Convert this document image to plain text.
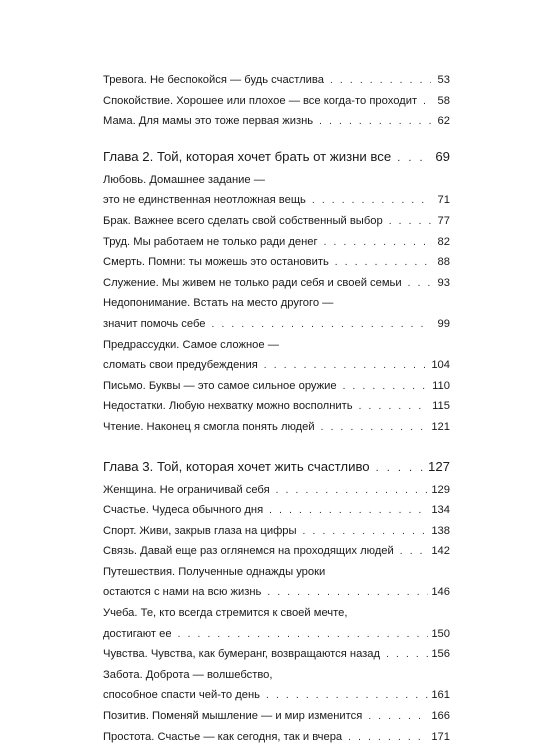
Тревога. Не беспокойся — будь счастлива . . .	53
Спокойствие. Хорошее или плохое — все когда-то проходит . . .	58
Мама. Для мамы это тоже первая жизнь . . .	62
Глава 2. Той, которая хочет брать от жизни все . . .	69
Любовь. Домашнее задание —
это не единственная неотложная вещь . . .	71
Брак. Важнее всего сделать свой собственный выбор . . .	77
Труд. Мы работаем не только ради денег . . .	82
Смерть. Помни: ты можешь это остановить . . .	88
Служение. Мы живем не только ради себя и своей семьи . . .	93
Недопонимание. Встать на место другого —
значит помочь себе . . .	99
Предрассудки. Самое сложное —
сломать свои предубеждения . . .	104
Письмо. Буквы — это самое сильное оружие . . .	110
Недостатки. Любую нехватку можно восполнить . . .	115
Чтение. Наконец я смогла понять людей . . .	121
Глава 3. Той, которая хочет жить счастливо . . .	127
Женщина. Не ограничивай себя . . .	129
Счастье. Чудеса обычного дня . . .	134
Спорт. Живи, закрыв глаза на цифры . . .	138
Связь. Давай еще раз оглянемся на проходящих людей . . .	142
Путешествия. Полученные однажды уроки
остаются с нами на всю жизнь . . .	146
Учеба. Те, кто всегда стремится к своей мечте,
достигают ее . . .	150
Чувства. Чувства, как бумеранг, возвращаются назад . . .	156
Забота. Доброта — волшебство,
способное спасти чей-то день . . .	161
Позитив. Поменяй мышление — и мир изменится . . .	166
Простота. Счастье — как сегодня, так и вчера . . .	171
